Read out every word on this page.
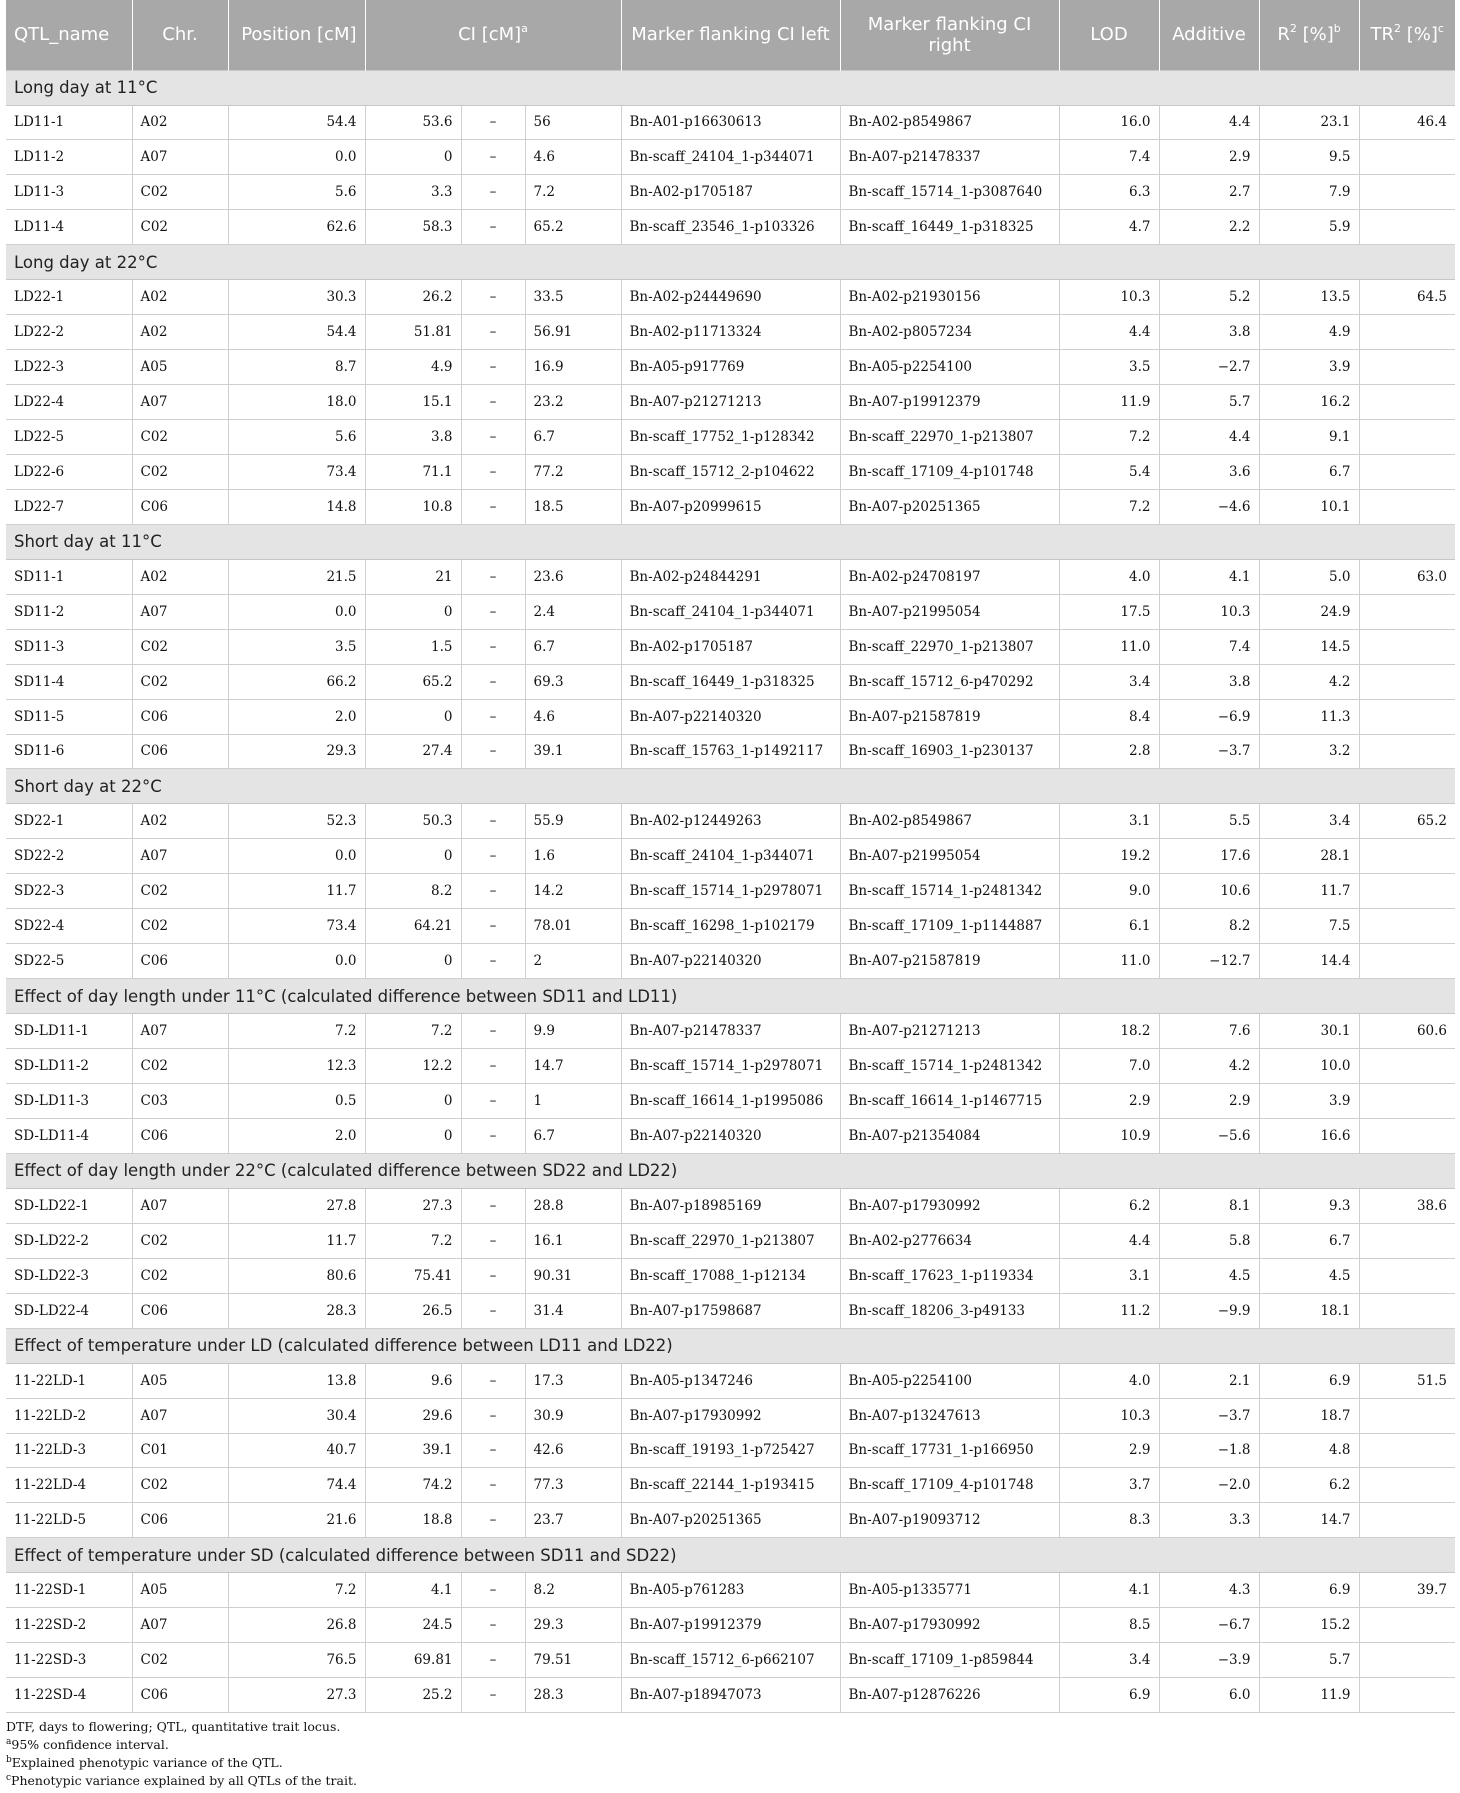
QTL_name	Chr.	Position [cM]	CI [cM]$^a$			Marker flanking CI left	Marker flanking CI right	LOD	Additive	$R^2$ [%]$^b$	$TR^2$ [%]$^c$
Long day at 11°C											
LD11-1	A02	54.4	53.6	–	56	Bn-A01-p16630613	Bn-A02-p8549867	16.0	4.4	23.1	46.4
LD11-2	A07	0.0	0	–	4.6	Bn-scaff_24104_1-p344071	Bn-A07-p21478337	7.4	2.9	9.5	
LD11-3	C02	5.6	3.3	–	7.2	Bn-A02-p1705187	Bn-scaff_15714_1-p3087640	6.3	2.7	7.9	
LD11-4	C02	62.6	58.3	–	65.2	Bn-scaff_23546_1-p103326	Bn-scaff_16449_1-p318325	4.7	2.2	5.9	
Long day at 22°C											
LD22-1	A02	30.3	26.2	–	33.5	Bn-A02-p24449690	Bn-A02-p21930156	10.3	5.2	13.5	64.5
LD22-2	A02	54.4	51.81	–	56.91	Bn-A02-p11713324	Bn-A02-p8057234	4.4	3.8	4.9	
LD22-3	A05	8.7	4.9	–	16.9	Bn-A05-p917769	Bn-A05-p2254100	3.5	−2.7	3.9	
LD22-4	A07	18.0	15.1	–	23.2	Bn-A07-p21271213	Bn-A07-p19912379	11.9	5.7	16.2	
LD22-5	C02	5.6	3.8	–	6.7	Bn-scaff_17752_1-p128342	Bn-scaff_22970_1-p213807	7.2	4.4	9.1	
LD22-6	C02	73.4	71.1	–	77.2	Bn-scaff_15712_2-p104622	Bn-scaff_17109_4-p101748	5.4	3.6	6.7	
LD22-7	C06	14.8	10.8	–	18.5	Bn-A07-p20999615	Bn-A07-p20251365	7.2	−4.6	10.1	
Short day at 11°C											
SD11-1	A02	21.5	21	–	23.6	Bn-A02-p24844291	Bn-A02-p24708197	4.0	4.1	5.0	63.0
SD11-2	A07	0.0	0	–	2.4	Bn-scaff_24104_1-p344071	Bn-A07-p21995054	17.5	10.3	24.9	
SD11-3	C02	3.5	1.5	–	6.7	Bn-A02-p1705187	Bn-scaff_22970_1-p213807	11.0	7.4	14.5	
SD11-4	C02	66.2	65.2	–	69.3	Bn-scaff_16449_1-p318325	Bn-scaff_15712_6-p470292	3.4	3.8	4.2	
SD11-5	C06	2.0	0	–	4.6	Bn-A07-p22140320	Bn-A07-p21587819	8.4	−6.9	11.3	
SD11-6	C06	29.3	27.4	–	39.1	Bn-scaff_15763_1-p1492117	Bn-scaff_16903_1-p230137	2.8	−3.7	3.2	
Short day at 22°C											
SD22-1	A02	52.3	50.3	–	55.9	Bn-A02-p12449263	Bn-A02-p8549867	3.1	5.5	3.4	65.2
SD22-2	A07	0.0	0	–	1.6	Bn-scaff_24104_1-p344071	Bn-A07-p21995054	19.2	17.6	28.1	
SD22-3	C02	11.7	8.2	–	14.2	Bn-scaff_15714_1-p2978071	Bn-scaff_15714_1-p2481342	9.0	10.6	11.7	
SD22-4	C02	73.4	64.21	–	78.01	Bn-scaff_16298_1-p102179	Bn-scaff_17109_1-p1144887	6.1	8.2	7.5	
SD22-5	C06	0.0	0	–	2	Bn-A07-p22140320	Bn-A07-p21587819	11.0	−12.7	14.4	
Effect of day length under 11°C (calculated difference between SD11 and LD11)											
SD-LD11-1	A07	7.2	7.2	–	9.9	Bn-A07-p21478337	Bn-A07-p21271213	18.2	7.6	30.1	60.6
SD-LD11-2	C02	12.3	12.2	–	14.7	Bn-scaff_15714_1-p2978071	Bn-scaff_15714_1-p2481342	7.0	4.2	10.0	
SD-LD11-3	C03	0.5	0	–	1	Bn-scaff_16614_1-p1995086	Bn-scaff_16614_1-p1467715	2.9	2.9	3.9	
SD-LD11-4	C06	2.0	0	–	6.7	Bn-A07-p22140320	Bn-A07-p21354084	10.9	−5.6	16.6	
Effect of day length under 22°C (calculated difference between SD22 and LD22)											
SD-LD22-1	A07	27.8	27.3	–	28.8	Bn-A07-p18985169	Bn-A07-p17930992	6.2	8.1	9.3	38.6
SD-LD22-2	C02	11.7	7.2	–	16.1	Bn-scaff_22970_1-p213807	Bn-A02-p2776634	4.4	5.8	6.7	
SD-LD22-3	C02	80.6	75.41	–	90.31	Bn-scaff_17088_1-p12134	Bn-scaff_17623_1-p119334	3.1	4.5	4.5	
SD-LD22-4	C06	28.3	26.5	–	31.4	Bn-A07-p17598687	Bn-scaff_18206_3-p49133	11.2	−9.9	18.1	
Effect of temperature under LD (calculated difference between LD11 and LD22)											
11-22LD-1	A05	13.8	9.6	–	17.3	Bn-A05-p1347246	Bn-A05-p2254100	4.0	2.1	6.9	51.5
11-22LD-2	A07	30.4	29.6	–	30.9	Bn-A07-p17930992	Bn-A07-p13247613	10.3	−3.7	18.7	
11-22LD-3	C01	40.7	39.1	–	42.6	Bn-scaff_19193_1-p725427	Bn-scaff_17731_1-p166950	2.9	−1.8	4.8	
11-22LD-4	C02	74.4	74.2	–	77.3	Bn-scaff_22144_1-p193415	Bn-scaff_17109_4-p101748	3.7	−2.0	6.2	
11-22LD-5	C06	21.6	18.8	–	23.7	Bn-A07-p20251365	Bn-A07-p19093712	8.3	3.3	14.7	
Effect of temperature under SD (calculated difference between SD11 and SD22)											
11-22SD-1	A05	7.2	4.1	–	8.2	Bn-A05-p761283	Bn-A05-p1335771	4.1	4.3	6.9	39.7
11-22SD-2	A07	26.8	24.5	–	29.3	Bn-A07-p19912379	Bn-A07-p17930992	8.5	−6.7	15.2	
11-22SD-3	C02	76.5	69.81	–	79.51	Bn-scaff_15712_6-p662107	Bn-scaff_17109_1-p859844	3.4	−3.9	5.7	
11-22SD-4	C06	27.3	25.2	–	28.3	Bn-A07-p18947073	Bn-A07-p12876226	6.9	6.0	11.9	
DTF, days to flowering; QTL, quantitative trait locus.
$^a$95% confidence interval.
$^b$Explained phenotypic variance of the QTL.
$^c$Phenotypic variance explained by all QTLs of the trait.
